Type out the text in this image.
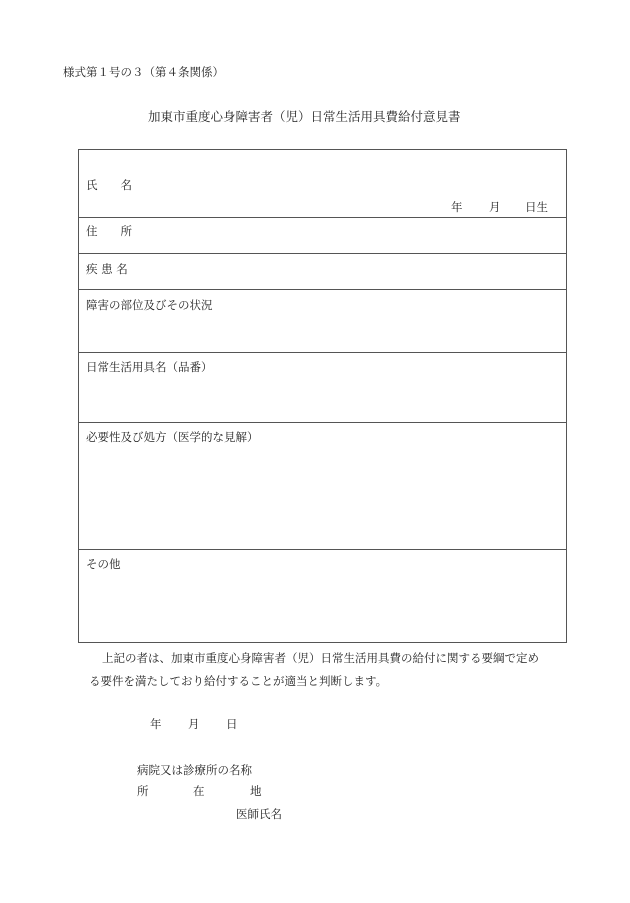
様式第１号の３（第４条関係）
加東市重度心身障害者（児）日常生活用具費給付意見書
氏　　名
年 月 日生
住　　所
疾 患 名
障害の部位及びその状況
日常生活用具名（品番）
必要性及び処方（医学的な見解）
その他
上記の者は、加東市重度心身障害者（児）日常生活用具費の給付に関する要綱で定め
る要件を満たしており給付することが適当と判断します。
年 月 日
病院又は診療所の名称
所	在	地
医師氏名
